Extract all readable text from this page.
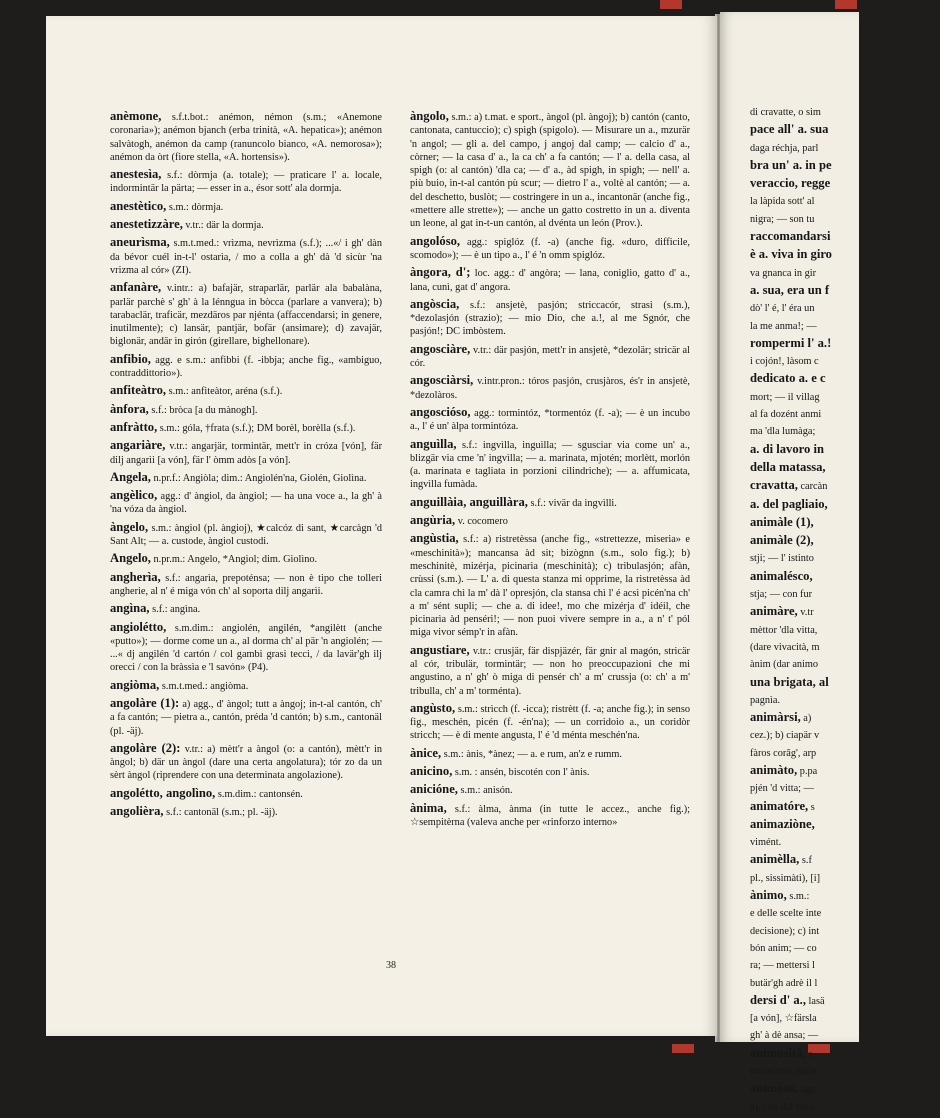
anèmone, s.f.t.bot.: anémon, némon (s.m.; «Anemone coronaria»); anémon bjanch (erba trinità, «A. hepatica»); anémon salvàtogh, anémon da camp (ranuncolo bianco, «A. nemorosa»); anémon da òrt (fiore stella, «A. hortensis»).
anestesìa, s.f.: dòrmja (a. totale); — praticare l' a. locale, indormintär la pärta; — esser in a., ésor sott' ala dormja.
anestètico, s.m.: dòrmja.
anestetizzàre, v.tr.: där la dormja.
aneurìsma, s.m.t.med.: vrìzma, nevrìzma (s.f.); ...«/ i gh' dàn da bévor cuél in-t-l' ostarìa, / mo a colla a gh' dà 'd sicùr 'na vrizma al cór» (ZI).
anfanàre, v.intr.: a) bafajär, straparlär, parlär ala babalàna, parlär parchè s' gh' à la lénngua in bòcca (parlare a vanvera); b) tarabaclär, traficär, mezdäros par njénta (affaccendarsi; in genere, inutilmente); c) lansär, pantjär, bofär (ansimare); d) zavajär, biglonär, andär in girón (girellare, bighellonare).
anfibio, agg. e s.m.: anfibbi (f. -ibbja; anche fig., «ambiguo, contraddittorio»).
anfiteàtro, s.m.: anfiteàtor, aréna (s.f.).
ànfora, s.f.: bròca [a du mànogh].
anfràtto, s.m.: góla, †frata (s.f.); DM borèl, borèlla (s.f.).
angariàre, v.tr.: angarjär, tormintär, mett'r in cróza [vón], fär dilj angarìi [a vón], fär l' òmm adòs [a vón].
Angela, n.pr.f.: Angiòla; dim.: Angiolén'na, Giolén, Giolìna.
angèlico, agg.: d' àngiol, da àngiol; — ha una voce a., la gh' à 'na vóza da àngiol.
àngelo, s.m.: àngiol (pl. àngioj), ★calcóz di sant, ★carcàgn 'd Sant Alt; — a. custode, àngiol custodi.
Angelo, n.pr.m.: Angelo, *Angiol; dim. Giolìno.
angherìa, s.f.: angarìa, prepoténsa; — non è tipo che tolleri angherie, al n' é miga vón ch' al soporta dilj angarìi.
angìna, s.f.: angìna.
angiolétto, s.m.dim.: angiolén, angilén, *angilètt (anche «putto»); — dorme come un a., al dorma ch' al pär 'n angiolén; — ...« dj angilén 'd cartón / col gambi grasi tecci, / da lavär'gh ilj orecci / con la bràssìa e 'l savón» (P4).
angiòma, s.m.t.med.: angiòma.
angolàre (1): a) agg., d' àngol; tutt a àngoj; in-t-al cantón, ch' a fa cantón; — pietra a., cantón, préda 'd cantón; b) s.m., cantonäl (pl. -äj).
angolàre (2): v.tr.: a) mètt'r a àngol (o: a cantón), mètt'r in àngol; b) där un àngol (dare una certa angolatura); tór zo da un sèrt àngol (riprendere con una determinata angolazione).
angolétto, angolìno, s.m.dim.: cantonsén.
angolièra, s.f.: cantonäl (s.m.; pl. -äj).
àngolo, s.m.: a) t.mat. e sport., àngol (pl. àngoj); b) cantón (canto, cantonata, cantuccio); c) spigh (spigolo). — Misurare un a., mzurär 'n angol; — gli a. del campo, j angoj dal camp; — calcio d' a., còrner; — la casa d' a., la ca ch' a fa cantón; — l' a. della casa, al spigh (o: al cantón) 'dla ca; — d' a., àd spigh, in spigh; — nell' a. più buio, in-t-al cantón pù scur; — dietro l' a., voltè al cantón; — a. del deschetto, buslòt; — costringere in un a., incantonär (anche fig., «mettere alle strette»); — anche un gatto costretto in un a. diventa un leone, al gat in-t-un cantón, al dvénta un león (Prov.).
angolóso, agg.: spiglóz (f. -a) (anche fig. «duro, difficile, scomodo»); — è un tipo a., l' é 'n omm spiglóz.
àngora, d'; loc. agg.: d' angòra; — lana, coniglio, gatto d' a., lana, cunì, gat d' angora.
angòscia, s.f.: ansjetè, pasjón; striccacór, strasi (s.m.), *dezolasjón (strazio); — mio Dio, che a.!, al me Sgnór, che pasjón!; DC imbòstem.
angosciàre, v.tr.: där pasjón, mett'r in ansjetè, *dezolär; stricär al cór.
angosciàrsi, v.intr.pron.: tóros pasjón, crusjàros, és'r in ansjetè, *dezolàros.
angoscióso, agg.: tormintóz, *tormentóz (f. -a); — è un incubo a., l' é un' àlpa tormintóza.
anguìlla, s.f.: ingvìlla, inguìlla; — sgusciar via come un' a., blizgär via cme 'n' ingvìlla; — a. marinata, mjotén; morlètt, morlón (a. marinata e tagliata in porzioni cilindriche); — a. affumicata, ingvìlla fumàda.
anguillàia, anguillàra, s.f.: vivär da ingvìlli.
angùria, v. cocomero
angùstia, s.f.: a) ristretèssa (anche fig., «strettezze, miseria» e «meschinità»); mancansa àd sit; bizògnn (s.m., solo fig.); b) meschinitè, mizérja, picinarìa (meschinità); c) tribulasjón; afàn, crùssi (s.m.). — L' a. di questa stanza mi opprime, la ristretèssa àd cla camra chì la m' dà l' opresjón, cla stansa chì l' é acsì picén'na ch' a m' sént supli; — che a. di idee!, mo che mizérja d' idéil, che picinarìa àd penséri!; — non puoi vivere sempre in a., a n' t' pól miga vivor sémp'r in afàn.
angustiare, v.tr.: crusjär, fär dispjäzér, fär gnir al magón, stricär al cór, tribulär, tormintär; — non ho preoccupazioni che mi angustino, a n' gh' ò miga di pensér ch' a m' crussja (o: ch' a m' tribulla, ch' a m' torménta).
angùsto, s.m.: strìcch (f. -icca); ristrètt (f. -a; anche fig.); in senso fig., meschén, picén (f. -én'na); — un corridoio a., un coridòr stricch; — è di mente angusta, l' é 'd ménta meschén'na.
ànice, s.m.: ànis, *ànez; — a. e rum, an'z e rumm.
anicino, s.m. : ansén, biscotén con l' ànis.
anicióne, s.m.: anisón.
ànima, s.f.: àlma, ànma (in tutte le accez., anche fig.); ☆sempitèrna (valeva anche per «rinforzo interno»
38
di cravatte, o sim
pace all' a. sua
daga réchja, parl
bra un' a. in pe
veraccio, regge
la làpida sott' al
nigra; — son tu
raccomandarsi
è a. viva in giro
va gnanca in gir
a. sua, era un f
dò' l' é, l' éra un
la me anma!; —
rompermi l' a.!
i cojón!, làsom c
dedicato a. e c
mort; — il villag
al fa dozént anmi
ma 'dla lumàga;
a. di lavoro in
della matassa,
cravatta, carcàn
a. del pagliaio,
animàle (1),
animàle (2),
stji; — l' istinto
animalésco,
stja; — con fur
animàre, v.tr
mèttor 'dla vitta,
(dare vivacità, m
ànim (dar animo
una brigata, al
pagnìa.
animàrsi, a)
cez.); b) ciapär v
fàros corâg', arp
animàto, p.pa
pjén 'd vitta; —
animatóre, s
animaziòne,
vimént.
animèlla, s.f
pl., sissimàti), [i]
ànimo, s.m.:
e delle scelte inte
decisione); c) int
bón anim; — co
ra; — mettersi l
butär'gh adrè il l
dersi d' a., lasä
[a vón], ☆färsla
gh' à dè ansa; —
animosità, s
malanimo, male
animóso, agg
a), con dal bèco
